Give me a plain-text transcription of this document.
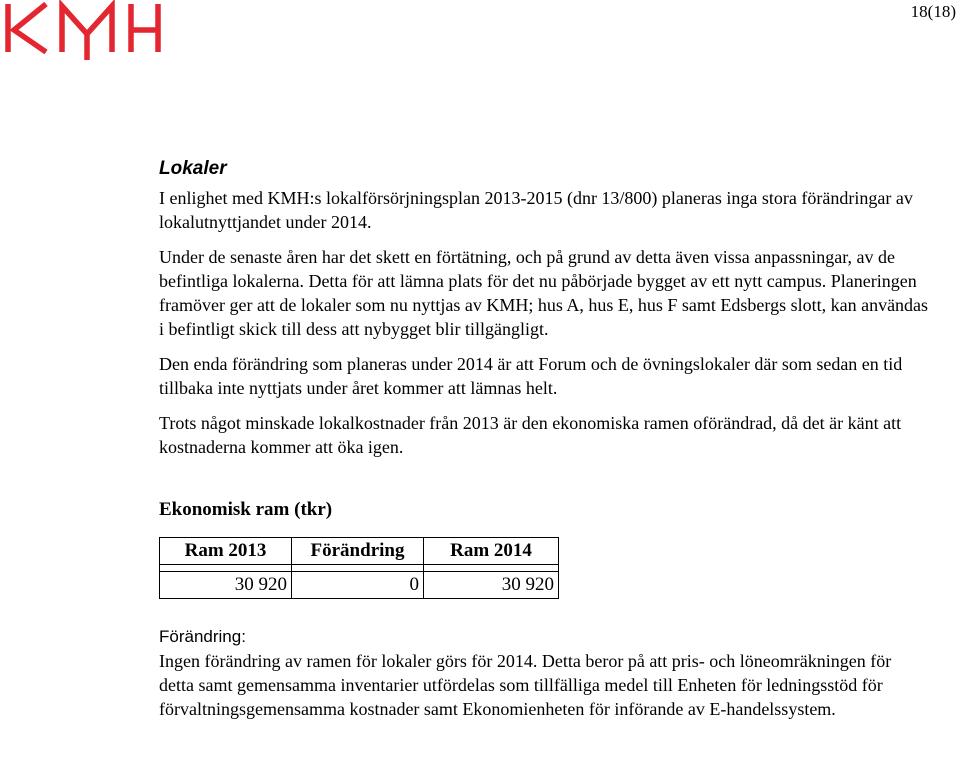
18(18)
Lokaler

I enlighet med KMH:s lokalförsörjningsplan 2013-2015 (dnr 13/800) planeras inga stora förändringar av lokalutnyttjandet under 2014.

Under de senaste åren har det skett en förtätning, och på grund av detta även vissa anpassningar, av de befintliga lokalerna. Detta för att lämna plats för det nu påbörjade bygget av ett nytt campus. Planeringen framöver ger att de lokaler som nu nyttjas av KMH; hus A, hus E, hus F samt Edsbergs slott, kan användas i befintligt skick till dess att nybygget blir tillgängligt.

Den enda förändring som planeras under 2014 är att Forum och de övningslokaler där som sedan en tid tillbaka inte nyttjats under året kommer att lämnas helt.

Trots något minskade lokalkostnader från 2013 är den ekonomiska ramen oförändrad, då det är känt att kostnaderna kommer att öka igen.

Ekonomisk ram (tkr)
Ram 2013	Förändring	Ram 2014

30 920	0	30 920
Förändring:

Ingen förändring av ramen för lokaler görs för 2014. Detta beror på att pris- och löneomräkningen för detta samt gemensamma inventarier utfördelas som tillfälliga medel till Enheten för ledningsstöd för förvaltningsgemensamma kostnader samt Ekonomienheten för införande av E-handelssystem.
